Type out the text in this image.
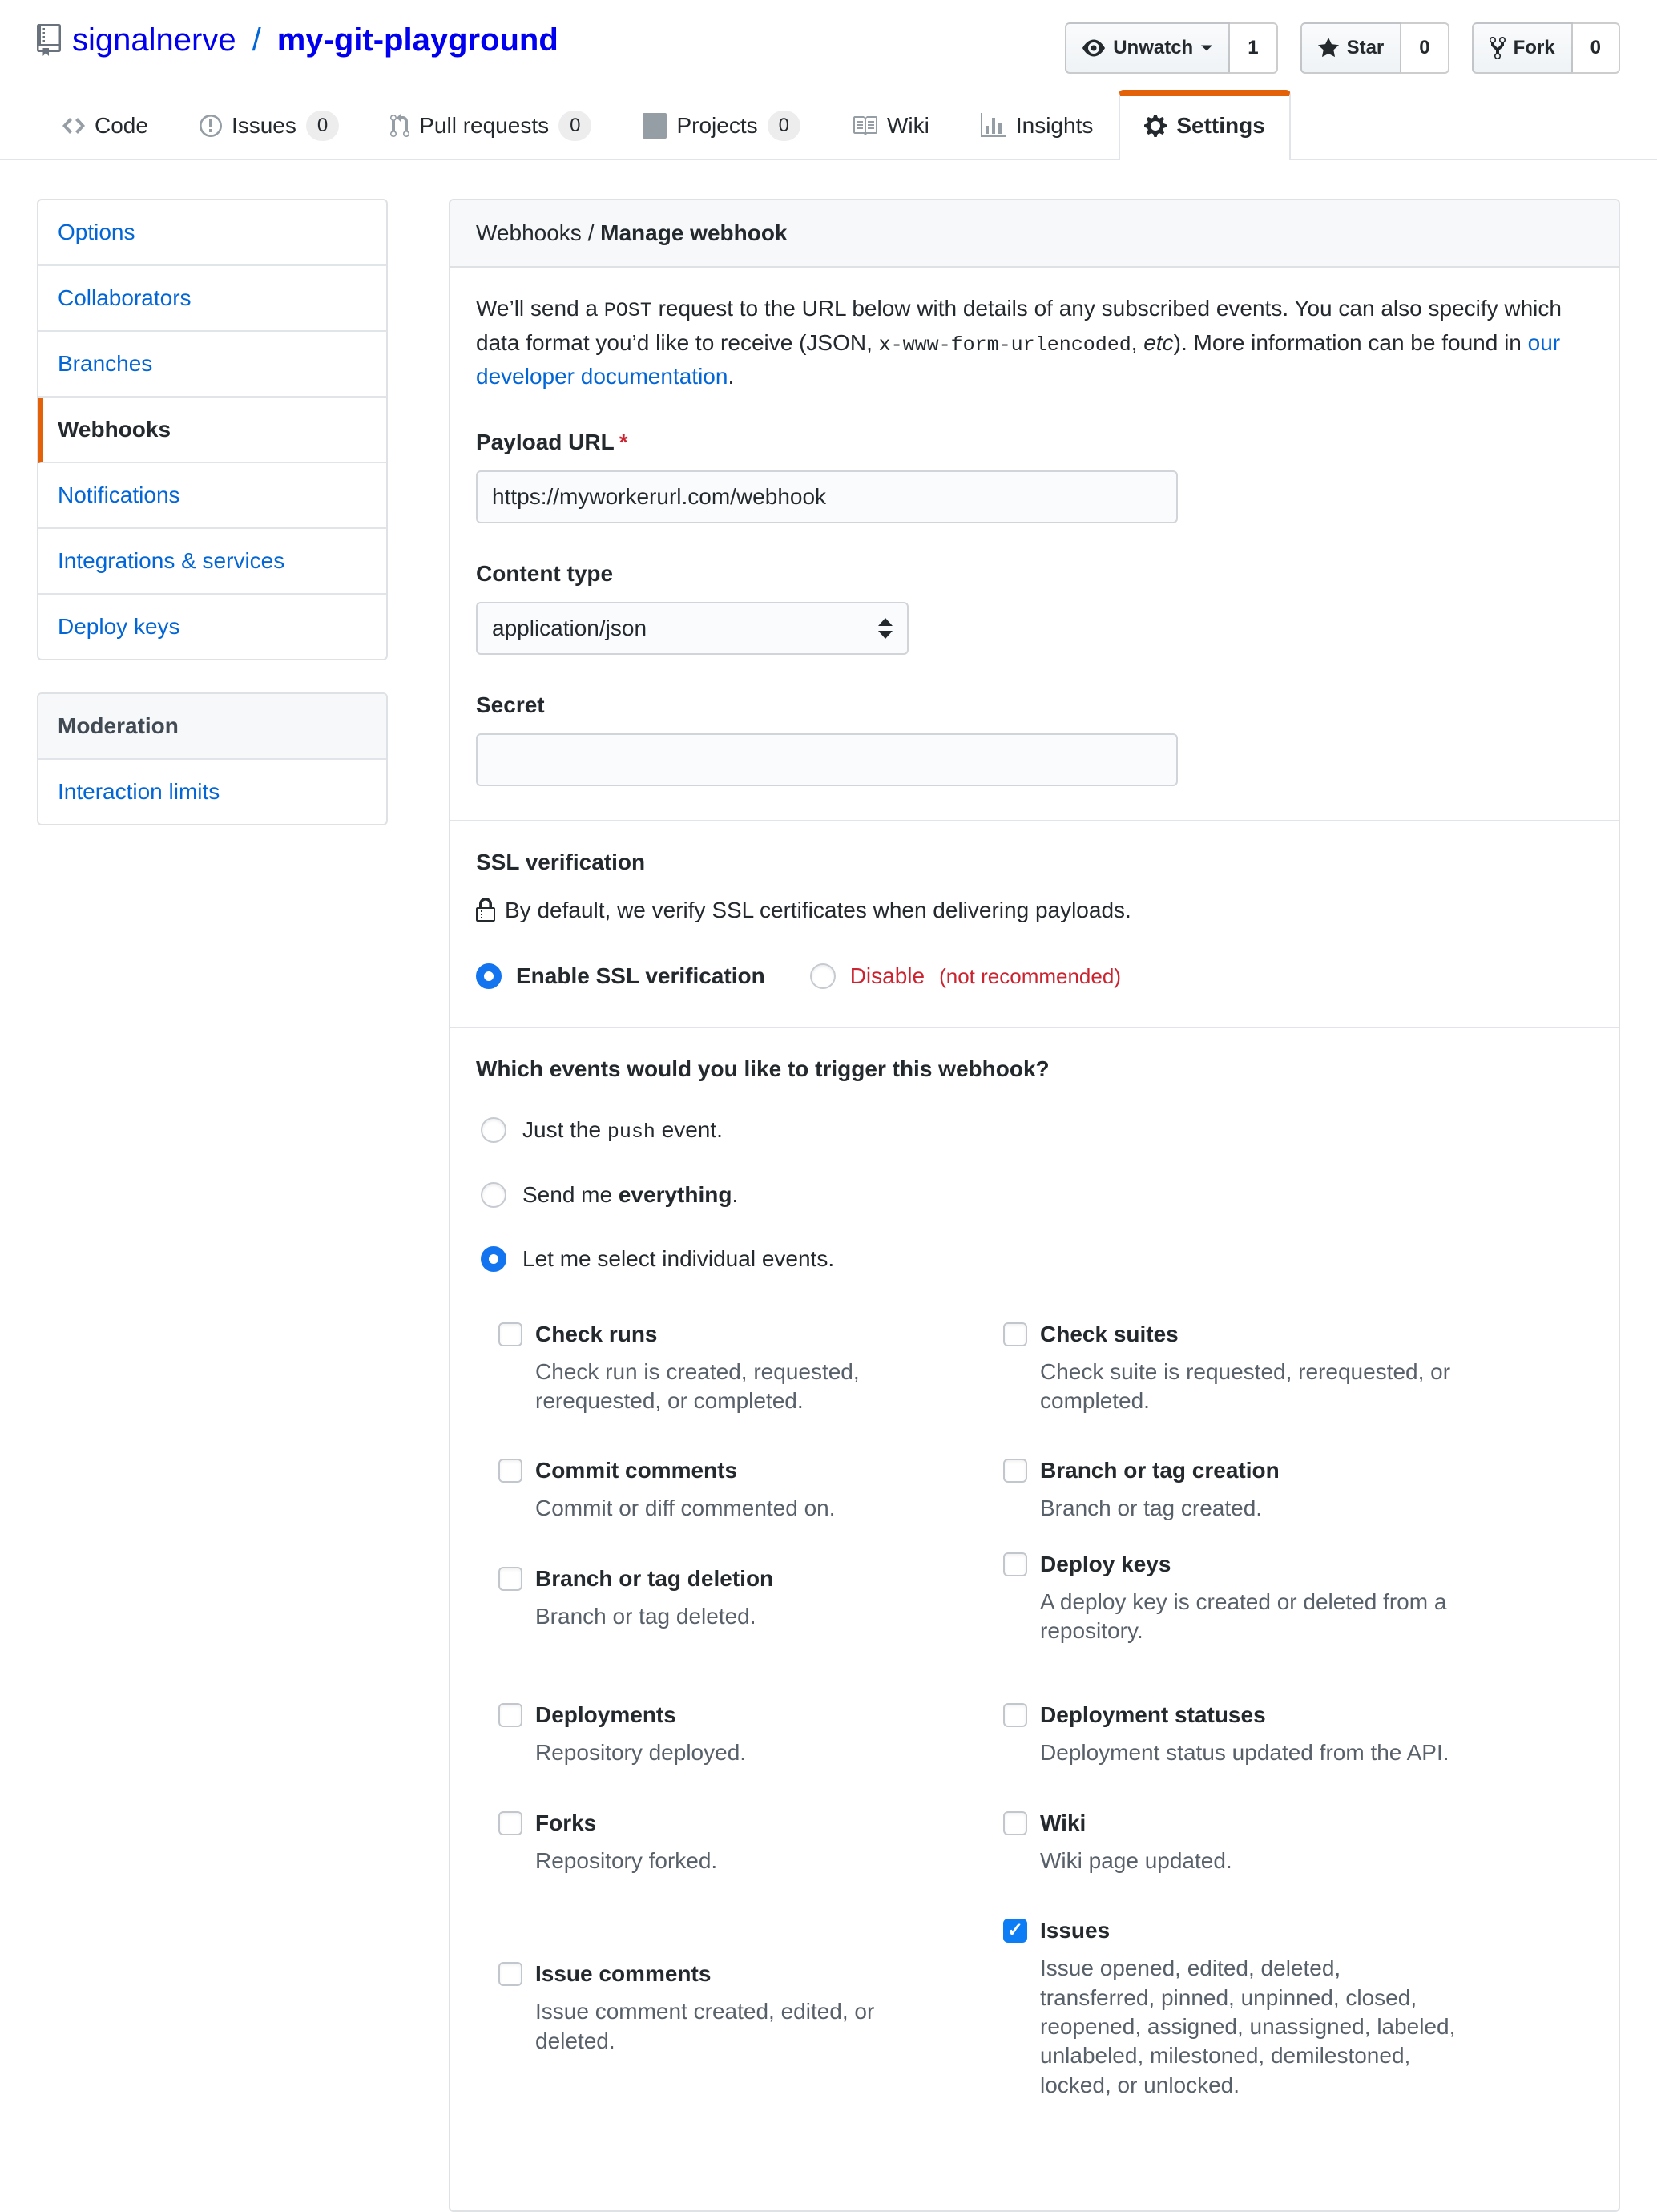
signalnerve / my-git-playground	Unwatch	1	Star	0	Fork	0
Code	Issues	0	Pull requests	0	Projects	0	Wiki	Insights	Settings
Options
Collaborators
Branches
Webhooks
Notifications
Integrations & services
Deploy keys
Moderation
Interaction limits
Webhooks / Manage webhook

We’ll send a POST request to the URL below with details of any subscribed events. You can also specify which data format you’d like to receive (JSON, x-www-form-urlencoded, etc). More information can be found in our developer documentation.

Payload URL *
https://myworkerurl.com/webhook
Content type
application/json
Secret
SSL verification
By default, we verify SSL certificates when delivering payloads.
Enable SSL verification	Disable (not recommended)
Which events would you like to trigger this webhook?
Just the push event.
Send me everything.
Let me select individual events.
Check runs

Check run is created, requested, rerequested, or completed.

Check suites

Check suite is requested, rerequested, or completed.

Commit comments

Commit or diff commented on.

Branch or tag creation

Branch or tag created.

Branch or tag deletion

Branch or tag deleted.

Deploy keys

A deploy key is created or deleted from a repository.

Deployments

Repository deployed.

Deployment statuses

Deployment status updated from the API.

Forks

Repository forked.

Wiki

Wiki page updated.

Issue comments

Issue comment created, edited, or deleted.

✓ Issues

Issue opened, edited, deleted, transferred, pinned, unpinned, closed, reopened, assigned, unassigned, labeled, unlabeled, milestoned, demilestoned, locked, or unlocked.
